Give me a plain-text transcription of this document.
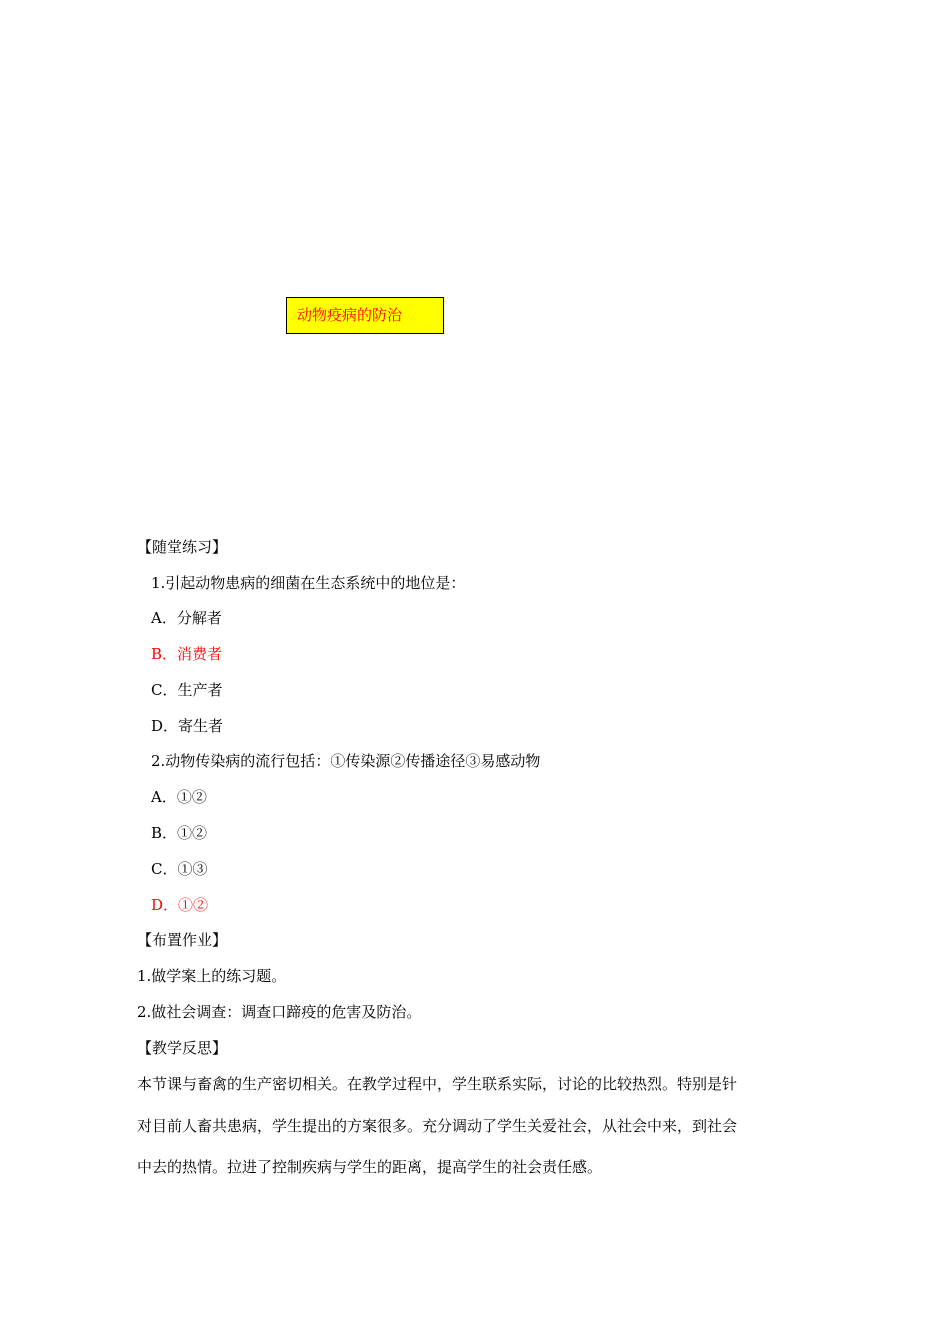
动物疫病的防治
【随堂练习】
1.引起动物患病的细菌在生态系统中的地位是：
A．分解者
B．消费者
C．生产者
D．寄生者
2.动物传染病的流行包括：①传染源②传播途径③易感动物
A．①②
B．①②
C．①③
D．①②
【布置作业】
1.做学案上的练习题。
2.做社会调查：调查口蹄疫的危害及防治。
【教学反思】
本节课与畜禽的生产密切相关。在教学过程中，学生联系实际，讨论的比较热烈。特别是针
对目前人畜共患病，学生提出的方案很多。充分调动了学生关爱社会，从社会中来，到社会
中去的热情。拉进了控制疾病与学生的距离，提高学生的社会责任感。
